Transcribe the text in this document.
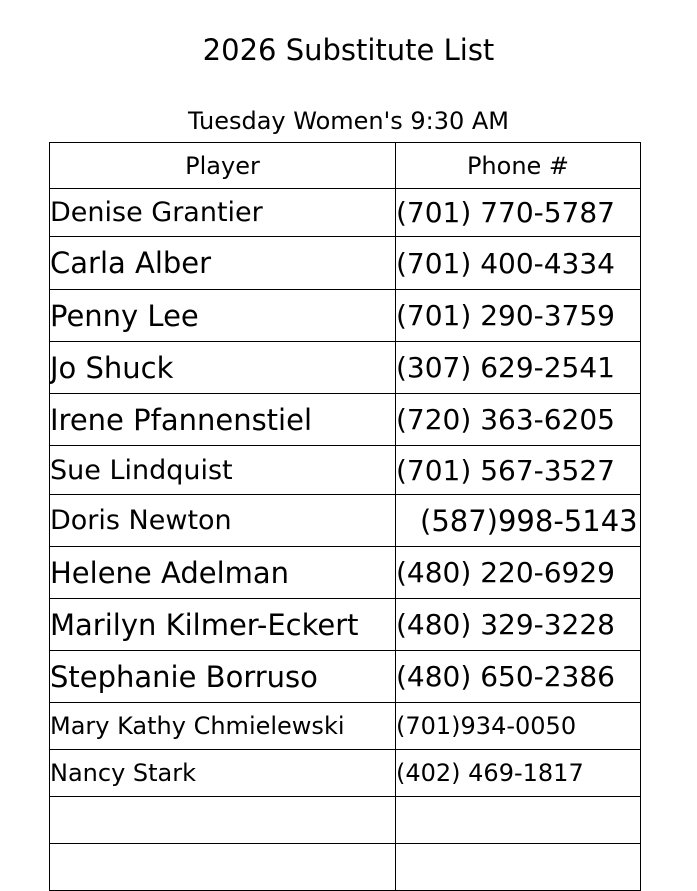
2026 Substitute List
Tuesday Women's 9:30 AM
Player	Phone #
Denise Grantier	(701) 770-5787
Carla Alber	(701) 400-4334
Penny Lee	(701) 290-3759
Jo Shuck	(307) 629-2541
Irene Pfannenstiel	(720) 363-6205
Sue Lindquist	(701) 567-3527
Doris Newton	(587)998-5143
Helene Adelman	(480) 220-6929
Marilyn Kilmer-Eckert	(480) 329-3228
Stephanie Borruso	(480) 650-2386
Mary Kathy Chmielewski	(701)934-0050
Nancy Stark	(402) 469-1817
